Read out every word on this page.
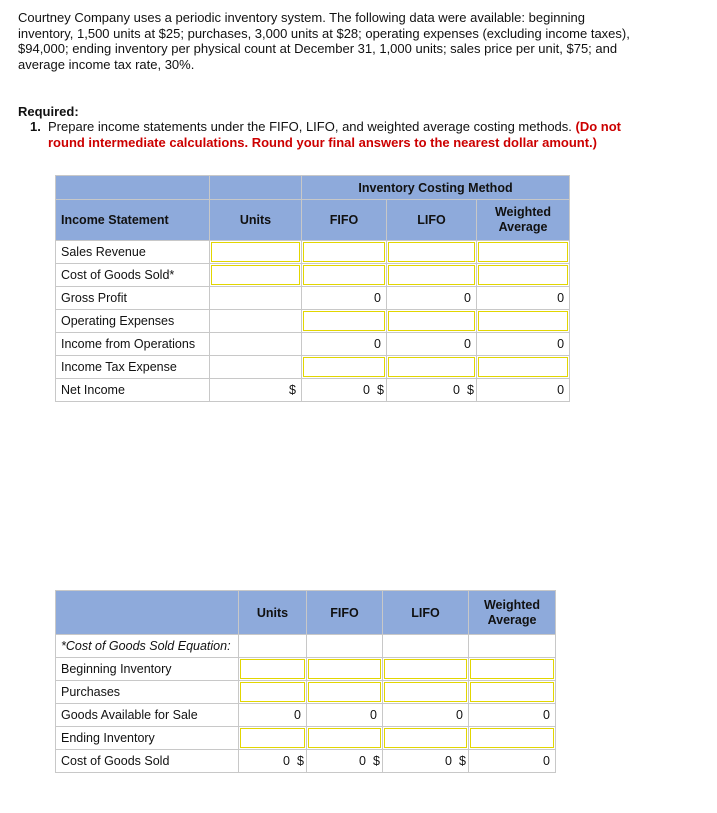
Courtney Company uses a periodic inventory system. The following data were available: beginning
inventory, 1,500 units at $25; purchases, 3,000 units at $28; operating expenses (excluding income taxes),
$94,000; ending inventory per physical count at December 31, 1,000 units; sales price per unit, $75; and
average income tax rate, 30%.
Required:
1. Prepare income statements under the FIFO, LIFO, and weighted average costing methods. (Do not
round intermediate calculations. Round your final answers to the nearest dollar amount.)
		Inventory Costing Method		
Income Statement	Units	FIFO	LIFO	Weighted Average
Sales Revenue	

Cost of Goods Sold*	

Gross Profit		0	0	0
Operating Expenses		

Income from Operations		0	0	0
Income Tax Expense		

Net Income	$	0 $	0 $	0
	Units	FIFO	LIFO	Weighted Average
*Cost of Goods Sold Equation:				
Beginning Inventory	

Purchases	

Goods Available for Sale	0	0	0	0
Ending Inventory	

Cost of Goods Sold	0 $	0 $	0 $	0
